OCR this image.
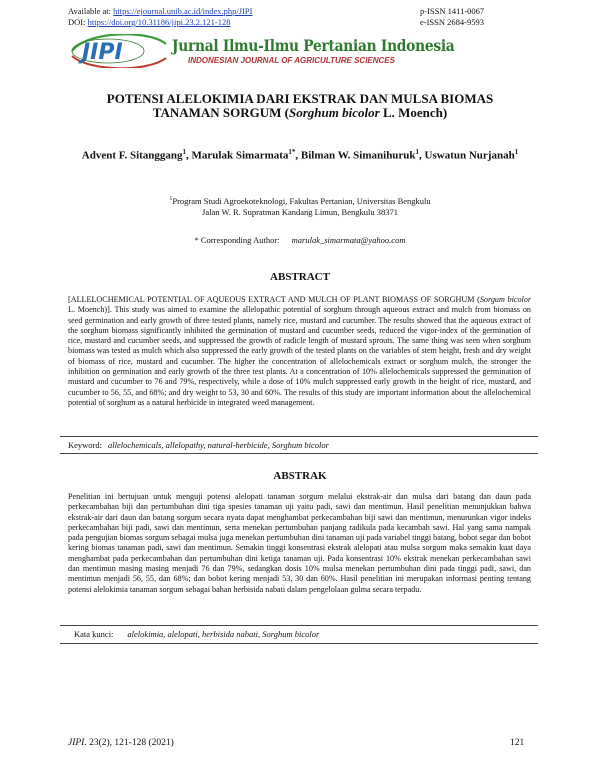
Available at: https://ejournal.unib.ac.id/index.php/JIPI
DOI: https://doi.org/10.31186/jipi.23.2.121-128
p-ISSN 1411-0067
e-ISSN 2684-9593
JIPI	Jurnal Ilmu-Ilmu Pertanian Indonesia
INDONESIAN JOURNAL OF AGRICULTURE SCIENCES
POTENSI ALELOKIMIA DARI EKSTRAK DAN MULSA BIOMAS
TANAMAN SORGUM (Sorghum bicolor L. Moench)
Advent F. Sitanggang$^1$, Marulak Simarmata$^{1*}$, Bilman W. Simanihuruk$^1$, Uswatun Nurjanah$^1$
$^1$Program Studi Agroekoteknologi, Fakultas Pertanian, Universitas Bengkulu
Jalan W. R. Supratman Kandang Limun, Bengkulu 38371
* Corresponding Author: marulak_simarmata@yahoo.com
ABSTRACT

[ALLELOCHEMICAL POTENTIAL OF AQUEOUS EXTRACT AND MULCH OF PLANT BIOMASS OF SORGHUM (Sorgum bicolor L. Moench)]. This study was aimed to examine the allelopathic potential of sorghum through aqueous extract and mulch from biomass on seed germination and early growth of three tested plants, namely rice, mustard and cucumber. The results showed that the aqueous extract of the sorghum biomass significantly inhibited the germination of mustard and cucumber seeds, reduced the vigor-index of the germination of rice, mustard and cucumber seeds, and suppressed the growth of radicle length of mustard sprouts. The same thing was seen when sorghum biomass was tested as mulch which also suppressed the early growth of the tested plants on the variables of stem height, fresh and dry weight of biomass of rice, mustard and cucumber. The higher the concentration of allelochemicals extract or sorghum mulch, the stronger the inhibition on germination and early growth of the three test plants. At a concentration of 10% allelochemicals suppressed the germination of mustard and cucumber to 76 and 79%, respectively, while a dose of 10% mulch suppressed early growth in the height of rice, mustard, and cucumber to 56, 55, and 68%; and dry weight to 53, 30 and 60%. The results of this study are important information about the allelochemical potential of sorghum as a natural herbicide in integrated weed management.

Keyword: allelochemicals, allelopathy, natural-herbicide, Sorghum bicolor
ABSTRAK

Penelitian ini bertujuan untuk menguji potensi alelopati tanaman sorgum melalui ekstrak-air dan mulsa dari batang dan daun pada perkecambahan biji dan pertumbuhan dini tiga spesies tanaman uji yaitu padi, sawi dan mentimun. Hasil penelitian menunjukkan bahwa ekstrak-air dari daun dan batang sorgum secara nyata dapat menghambat perkecambahan biji sawi dan mentimun, menurunkan vigor indeks perkecambahan biji padi, sawi dan mentimun, serta menekan pertumbuhan panjang radikula pada kecambah sawi. Hal yang sama nampak pada pengujian biomas sorgum sebagai mulsa juga menekan pertumbuhan dini tanaman uji pada variabel tinggi batang, bobot segar dan bobot kering biomas tanaman padi, sawi dan mentimun. Semakin tinggi konsentrasi ekstrak alelopati atau mulsa sorgum maka semakin kuat daya menghambat pada perkecambahan dan pertumbuhan dini ketiga tanaman uji. Pada konsentrasi 10% ekstrak menekan perkecambahan sawi dan mentimun masing masing menjadi 76 dan 79%, sedangkan dosis 10% mulsa menekan pertumbuhan dini pada tinggi padi, sawi, dan mentimun menjadi 56, 55, dan 68%; dan bobot kering menjadi 53, 30 dan 60%. Hasil penelitian ini merupakan informasi penting tentang potensi alelokimia tanaman sorgum sebagai bahan herbisida nabati dalam pengelolaan gulma secara terpadu.

Kata kunci: alelokimia, alelopati, herbisida nabati, Sorghum bicolor
JIPI. 23(2), 121-128 (2021)	121
